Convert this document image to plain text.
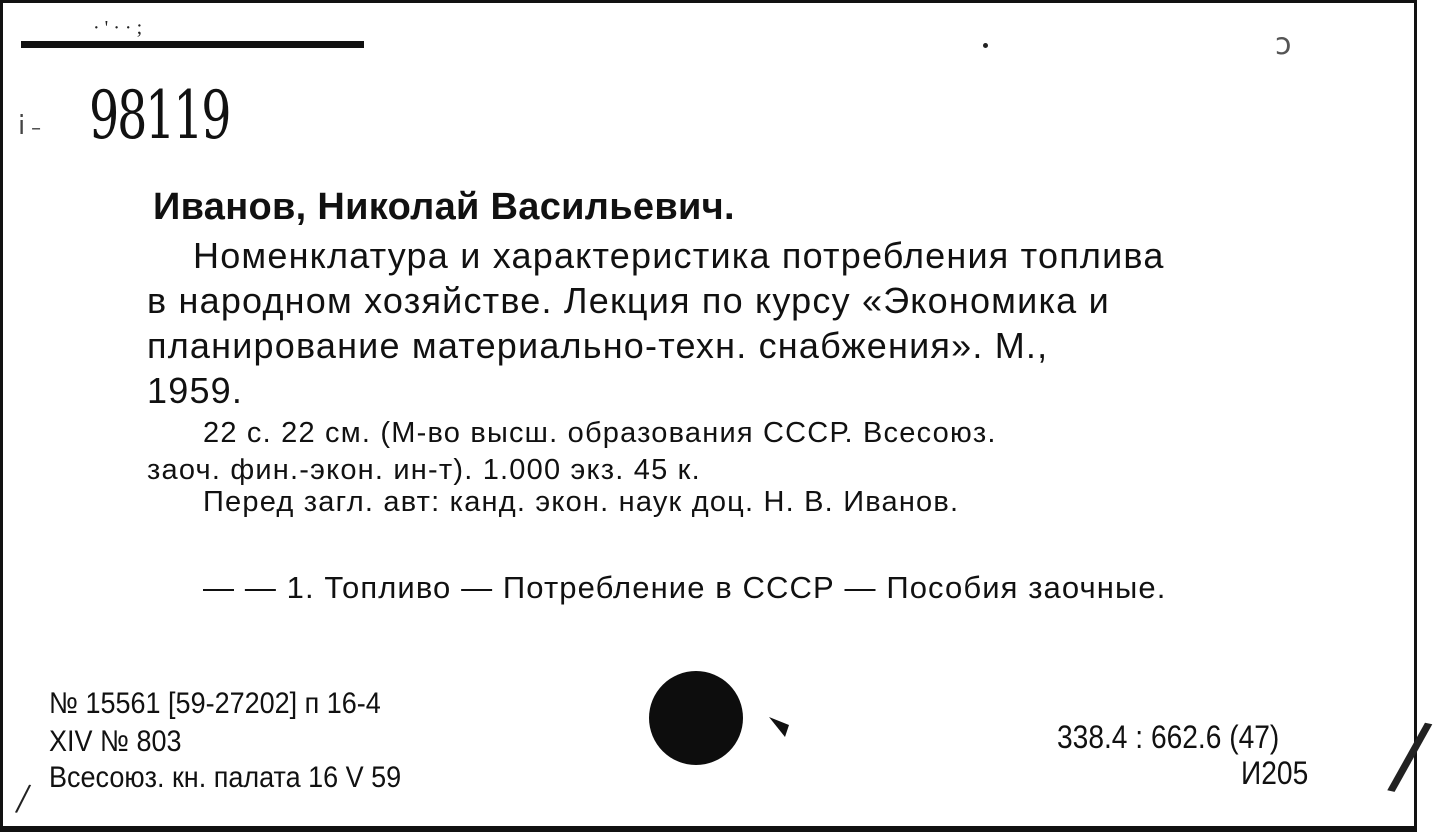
· ' · · ;	ͻ
ⅰ ˗ 98119
Иванов, Николай Васильевич.
Номенклатура и характеристика потребления топлива
в народном хозяйстве. Лекция по курсу «Экономика и
планирование материально-техн. снабжения». М.,
1959.
22 с. 22 см. (М-во высш. образования СССР. Всесоюз.
заоч. фин.-экон. ин-т). 1.000 экз. 45 к.
Перед загл. авт: канд. экон. наук доц. Н. В. Иванов.
— — 1. Топливо — Потребление в СССР — Пособия заочные.
№ 15561 [59-27202] п 16-4
XIV № 803
Всесоюз. кн. палата 16 V 59
338.4 : 662.6 (47)
И205
/	/
